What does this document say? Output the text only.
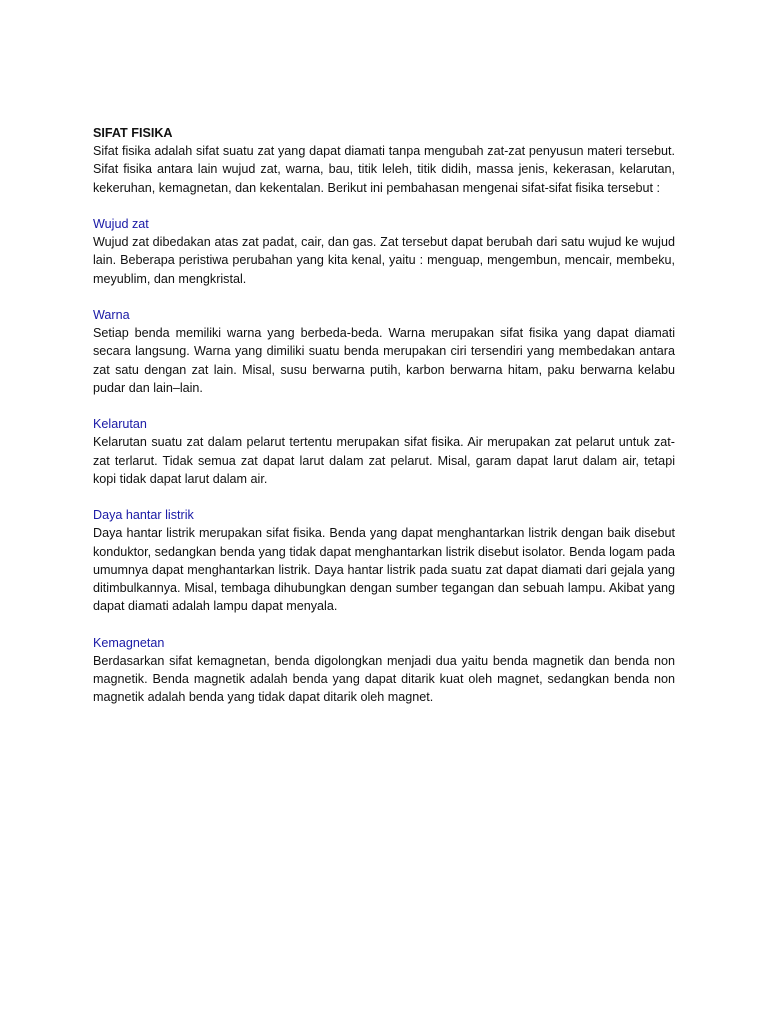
SIFAT FISIKA

Sifat fisika adalah sifat suatu zat yang dapat diamati tanpa mengubah zat-zat penyusun materi tersebut. Sifat fisika antara lain wujud zat, warna, bau, titik leleh, titik didih, massa jenis, kekerasan, kelarutan, kekeruhan, kemagnetan, dan kekentalan. Berikut ini pembahasan mengenai sifat-sifat fisika tersebut :

Wujud zat

Wujud zat dibedakan atas zat padat, cair, dan gas. Zat tersebut dapat berubah dari satu wujud ke wujud lain. Beberapa peristiwa perubahan yang kita kenal, yaitu : menguap, mengembun, mencair, membeku, meyublim, dan mengkristal.

Warna

Setiap benda memiliki warna yang berbeda-beda. Warna merupakan sifat fisika yang dapat diamati secara langsung. Warna yang dimiliki suatu benda merupakan ciri tersendiri yang membedakan antara zat satu dengan zat lain. Misal, susu berwarna putih, karbon berwarna hitam, paku berwarna kelabu pudar dan lain–lain.

Kelarutan

Kelarutan suatu zat dalam pelarut tertentu merupakan sifat fisika. Air merupakan zat pelarut untuk zat-zat terlarut. Tidak semua zat dapat larut dalam zat pelarut. Misal, garam dapat larut dalam air, tetapi kopi tidak dapat larut dalam air.

Daya hantar listrik

Daya hantar listrik merupakan sifat fisika. Benda yang dapat menghantarkan listrik dengan baik disebut konduktor, sedangkan benda yang tidak dapat menghantarkan listrik disebut isolator. Benda logam pada umumnya dapat menghantarkan listrik. Daya hantar listrik pada suatu zat dapat diamati dari gejala yang ditimbulkannya. Misal, tembaga dihubungkan dengan sumber tegangan dan sebuah lampu. Akibat yang dapat diamati adalah lampu dapat menyala.

Kemagnetan

Berdasarkan sifat kemagnetan, benda digolongkan menjadi dua yaitu benda magnetik dan benda non magnetik. Benda magnetik adalah benda yang dapat ditarik kuat oleh magnet, sedangkan benda non magnetik adalah benda yang tidak dapat ditarik oleh magnet.
